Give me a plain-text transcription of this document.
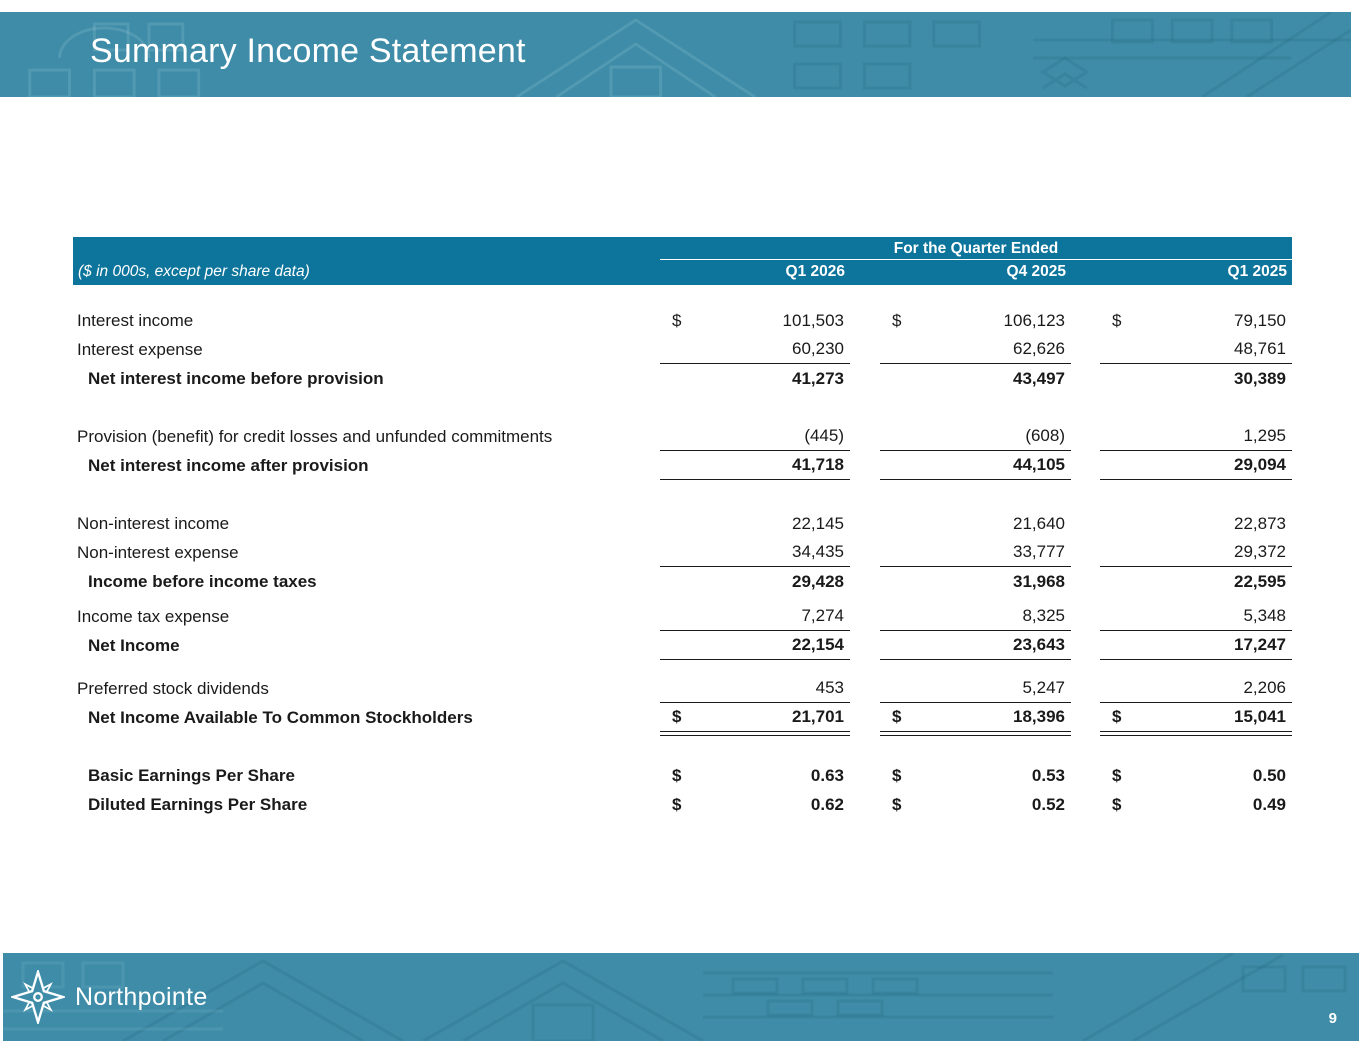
Summary Income Statement
($ in 000s, except per share data)
For the Quarter Ended
Q1 2026	Q4 2025	Q1 2025
Interest income	$	101,503	$	106,123	$	79,150
Interest expense	60,230	62,626	48,761
Net interest income before provision	41,273	43,497	30,389
Provision (benefit) for credit losses and unfunded commitments	(445)	(608)	1,295
Net interest income after provision	41,718	44,105	29,094
Non-interest income	22,145	21,640	22,873
Non-interest expense	34,435	33,777	29,372
Income before income taxes	29,428	31,968	22,595
Income tax expense	7,274	8,325	5,348
Net Income	22,154	23,643	17,247
Preferred stock dividends	453	5,247	2,206
Net Income Available To Common Stockholders	$	21,701	$	18,396	$	15,041
Basic Earnings Per Share	$	0.63	$	0.53	$	0.50
Diluted Earnings Per Share	$	0.62	$	0.52	$	0.49
Northpointe
9
